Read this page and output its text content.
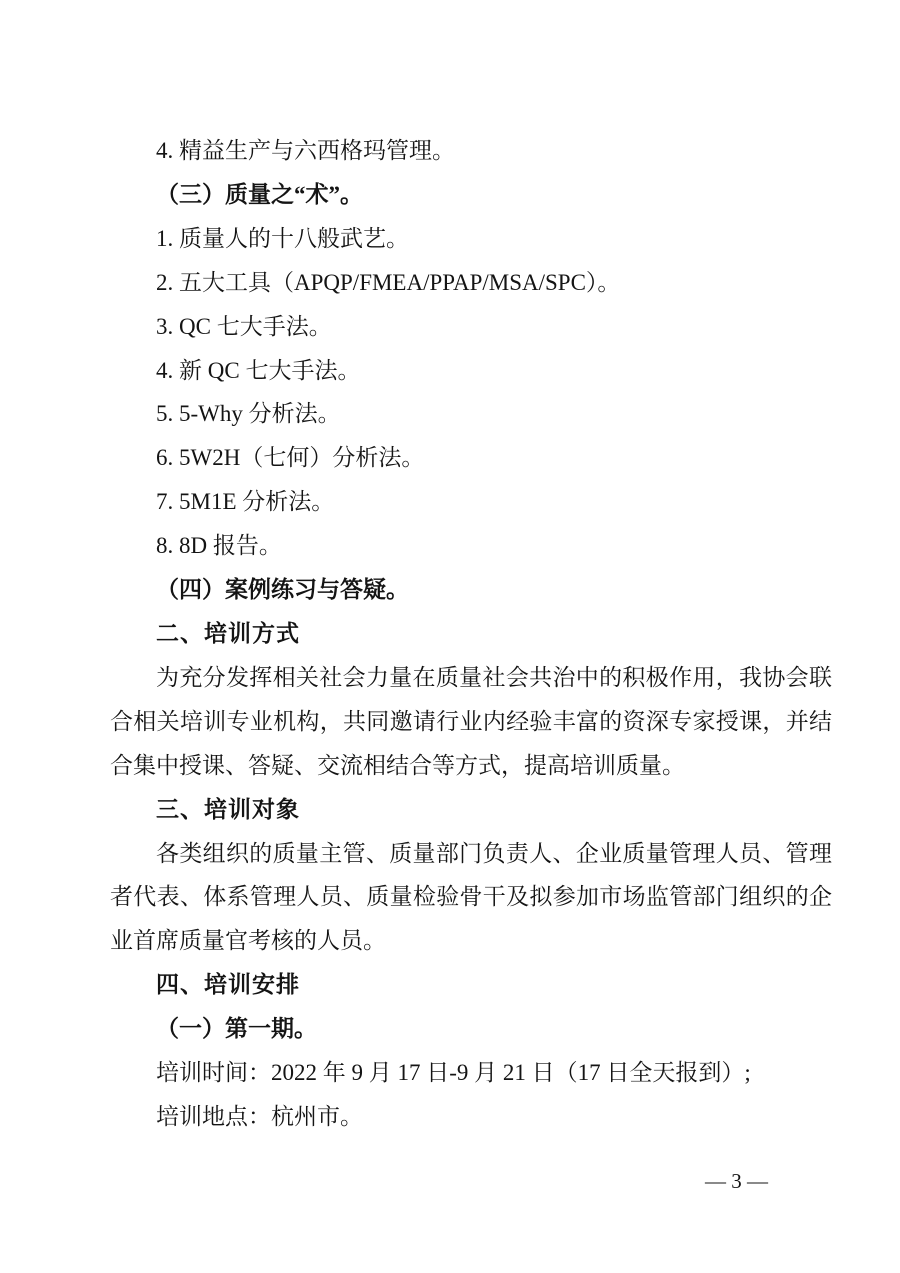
4. 精益生产与六西格玛管理。

（三）质量之“术”。

1. 质量人的十八般武艺。

2. 五大工具（APQP/FMEA/PPAP/MSA/SPC）。

3. QC 七大手法。

4. 新 QC 七大手法。

5. 5-Why 分析法。

6. 5W2H（七何）分析法。

7. 5M1E 分析法。

8. 8D 报告。

（四）案例练习与答疑。

二、培训方式

为充分发挥相关社会力量在质量社会共治中的积极作用，我协会联合相关培训专业机构，共同邀请行业内经验丰富的资深专家授课，并结合集中授课、答疑、交流相结合等方式，提高培训质量。

三、培训对象

各类组织的质量主管、质量部门负责人、企业质量管理人员、管理者代表、体系管理人员、质量检验骨干及拟参加市场监管部门组织的企业首席质量官考核的人员。

四、培训安排

（一）第一期。

培训时间：2022 年 9 月 17 日-9 月 21 日（17 日全天报到）;

培训地点：杭州市。

— 3 —
